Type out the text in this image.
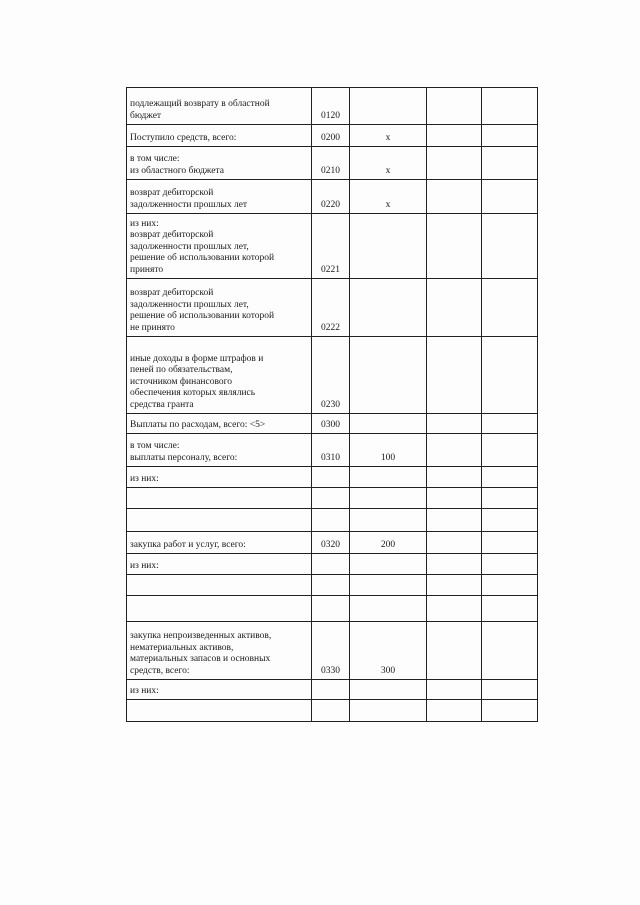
подлежащий возврату в областной
бюджет	0120			

Поступило средств, всего:	0200	x		

в том числе:
из областного бюджета	0210	x		

возврат дебиторской
задолженности прошлых лет	0220	x		

из них:
возврат дебиторской
задолженности прошлых лет,
решение об использовании которой
принято	0221			

возврат дебиторской
задолженности прошлых лет,
решение об использовании которой
не принято	0222			

иные доходы в форме штрафов и
пеней по обязательствам,
источником финансового
обеспечения которых являлись
средства гранта	0230			

Выплаты по расходам, всего: <5>	0300			

в том числе:
выплаты персоналу, всего:	0310	100		

из них:				

закупка работ и услуг, всего:	0320	200		

из них:				

закупка непроизведенных активов,
нематериальных активов,
материальных запасов и основных
средств, всего:	0330	300		

из них:				
